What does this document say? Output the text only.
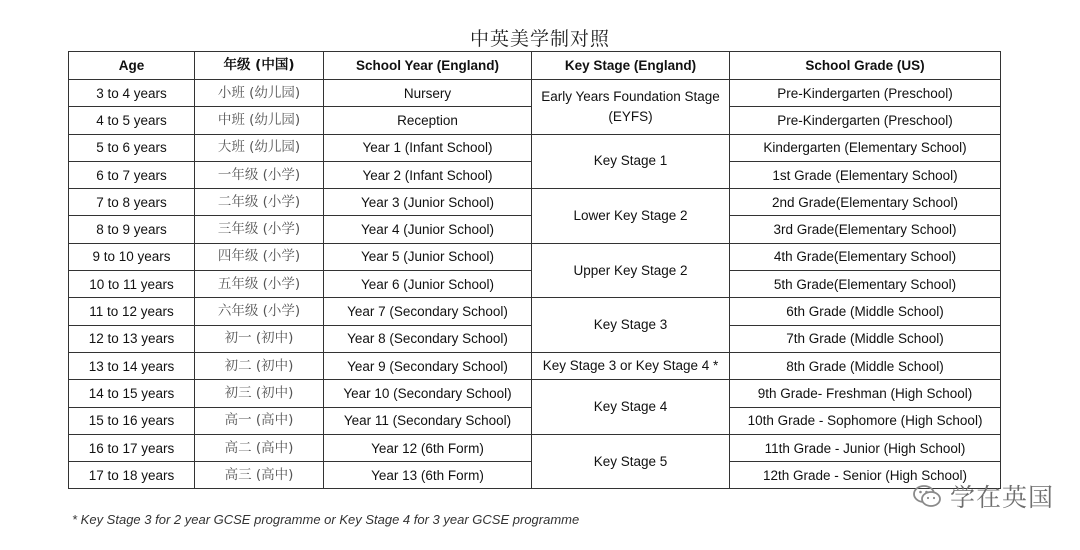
中英美学制对照
Age	年级 (中国)	School Year (England)	Key Stage (England)	School Grade (US)
3 to 4 years	小班 (幼儿园)	Nursery	Early Years Foundation Stage (EYFS)	Pre-Kindergarten (Preschool)
4 to 5 years	中班 (幼儿园)	Reception		Pre-Kindergarten (Preschool)
5 to 6 years	大班 (幼儿园)	Year 1 (Infant School)	Key Stage 1	Kindergarten (Elementary School)
6 to 7 years	一年级 (小学)	Year 2 (Infant School)		1st Grade (Elementary School)
7 to 8 years	二年级 (小学)	Year 3 (Junior School)	Lower Key Stage 2	2nd Grade(Elementary School)
8 to 9 years	三年级 (小学)	Year 4 (Junior School)		3rd Grade(Elementary School)
9 to 10 years	四年级 (小学)	Year 5 (Junior School)	Upper Key Stage 2	4th Grade(Elementary School)
10 to 11 years	五年级 (小学)	Year 6 (Junior School)		5th Grade(Elementary School)
11 to 12 years	六年级 (小学)	Year 7 (Secondary School)	Key Stage 3	6th Grade (Middle School)
12 to 13 years	初一 (初中)	Year 8 (Secondary School)		7th Grade (Middle School)
13 to 14 years	初二 (初中)	Year 9 (Secondary School)	Key Stage 3 or Key Stage 4 *	8th Grade (Middle School)
14 to 15 years	初三 (初中)	Year 10 (Secondary School)	Key Stage 4	9th Grade- Freshman (High School)
15 to 16 years	高一 (高中)	Year 11 (Secondary School)		10th Grade - Sophomore (High School)
16 to 17 years	高二 (高中)	Year 12 (6th Form)	Key Stage 5	11th Grade - Junior (High School)
17 to 18 years	高三 (高中)	Year 13 (6th Form)		12th Grade - Senior (High School)
* Key Stage 3 for 2 year GCSE programme or Key Stage 4 for 3 year GCSE programme
学在英国
